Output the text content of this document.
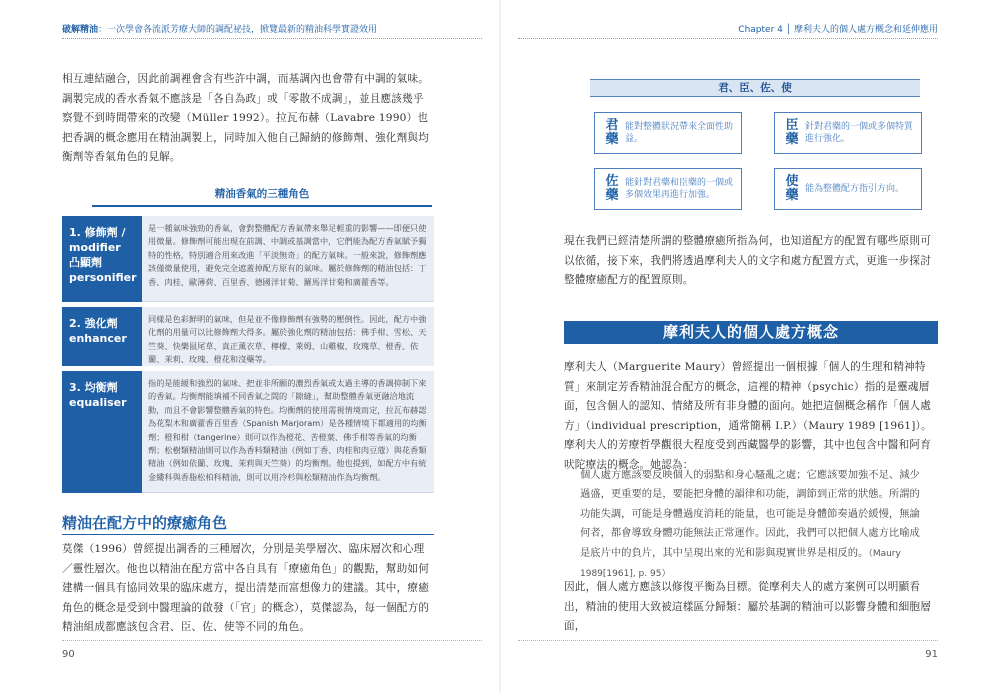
破解精油：一次學會各流派芳療大師的調配祕技，掀覽最新的精油科學實證效用	Chapter 4 │ 摩利夫人的個人處方概念和延伸應用

相互連結融合，因此前調裡會含有些許中調，而基調內也會帶有中調的氣味。調製完成的香水香氣不應該是「各自為政」或「零散不成調」，並且應該幾乎察覺不到時間帶來的改變（Müller 1992）。拉瓦布赫（Lavabre 1990）也把香調的概念應用在精油調製上，同時加入他自己歸納的修飾劑、強化劑與均衡劑等香氣角色的見解。

精油香氣的三種角色
1. 修飾劑 /
modifier
凸顯劑
personifier
是一種氣味強勁的香氣，會對整體配方香氣帶來舉足輕重的影響——即便只使用微量。修飾劑可能出現在前調、中調或基調當中，它們能為配方香氣賦予獨特的性格，特別適合用來改進「平淡無奇」的配方氣味。一般來說，修飾劑應該僅微量使用，避免完全遮蓋掉配方原有的氣味。屬於修飾劑的精油包括：丁香、肉桂、歐薄荷、百里香、德國洋甘菊、羅馬洋甘菊和廣藿香等。
2. 強化劑
enhancer
同樣是色彩鮮明的氣味，但是並不像修飾劑有強勢的壓倒性。因此，配方中強化劑的用量可以比修飾劑大得多。屬於強化劑的精油包括：佛手柑、雪松、天竺葵、快樂鼠尾草、真正薰衣草、檸檬、萊姆、山雞椒、玫瑰草、橙香、依蘭、茉莉、玫瑰、橙花和沒藥等。
3. 均衡劑
equaliser
指的是能緩和強烈的氣味、把並非所願的濃烈香氣或太過主導的香調抑制下來的香氣。均衡劑能填補不同香氣之間的「隙縫」，幫助整體香氣更融洽地流動，而且不會影響整體香氣的特色。均衡劑的使用需視情境而定，拉瓦布赫認為花梨木和廣藿香百里香（Spanish Marjoram）是各種情境下都適用的均衡劑；橙和柑（tangerine）則可以作為橙花、苦橙葉、佛手柑等香氣的均衡劑；松樹類精油則可以作為香料類精油（例如丁香、肉桂和肉豆蔻）與花香類精油（例如依蘭、玫瑰、茉莉與天竺葵）的均衡劑。他也提到，如配方中有統金縷科與香脂松柏科精油，則可以用冷杉與松類精油作為均衡劑。
精油在配方中的療癒角色

莫傑（1996）曾經提出調香的三種層次，分別是美學層次、臨床層次和心理／靈性層次。他也以精油在配方當中各自具有「療癒角色」的觀點，幫助如何建構一個具有協同效果的臨床處方，提出清楚而富想像力的建議。其中，療癒角色的概念是受到中醫理論的啟發（「官」的概念），莫傑認為，每一個配方的精油組成都應該包含君、臣、佐、使等不同的角色。

90
君、臣、佐、使
君
藥
能對整體狀況帶來全面性助益。
臣
藥
針對君藥的一個或多個特質進行強化。
佐
藥
能針對君藥和臣藥的一個或多個效果再進行加強。
使
藥 能為整體配方指引方向。

現在我們已經清楚所謂的整體療癒所指為何，也知道配方的配置有哪些原則可以依循，接下來，我們將透過摩利夫人的文字和處方配置方式，更進一步探討整體療癒配方的配置原則。

摩利夫人的個人處方概念

摩利夫人（Marguerite Maury）曾經提出一個根據「個人的生理和精神特質」來制定芳香精油混合配方的概念，這裡的精神（psychic）指的是靈魂層面，包含個人的認知、情緒及所有非身體的面向。她把這個概念稱作「個人處方」（individual prescription，通常簡稱 I.P.）（Maury 1989 [1961]）。摩利夫人的芳療哲學觀很大程度受到西藏醫學的影響，其中也包含中醫和阿育吠陀療法的概念。她認為：

個人處方應該要反映個人的弱點和身心騷亂之處；它應該要加強不足、減少過盛，更重要的是，要能把身體的韻律和功能，調節到正常的狀態。所謂的功能失調，可能是身體過度消耗的能量，也可能是身體節奏過於緩慢，無論何者，都會導致身體功能無法正常運作。因此，我們可以把個人處方比喻成是底片中的負片，其中呈現出來的光和影與現實世界是相反的。（Maury 1989[1961], p. 95）

因此，個人處方應該以修復平衡為目標。從摩利夫人的處方案例可以明顯看出，精油的使用大致被這樣區分歸類：屬於基調的精油可以影響身體和細胞層面，

91
